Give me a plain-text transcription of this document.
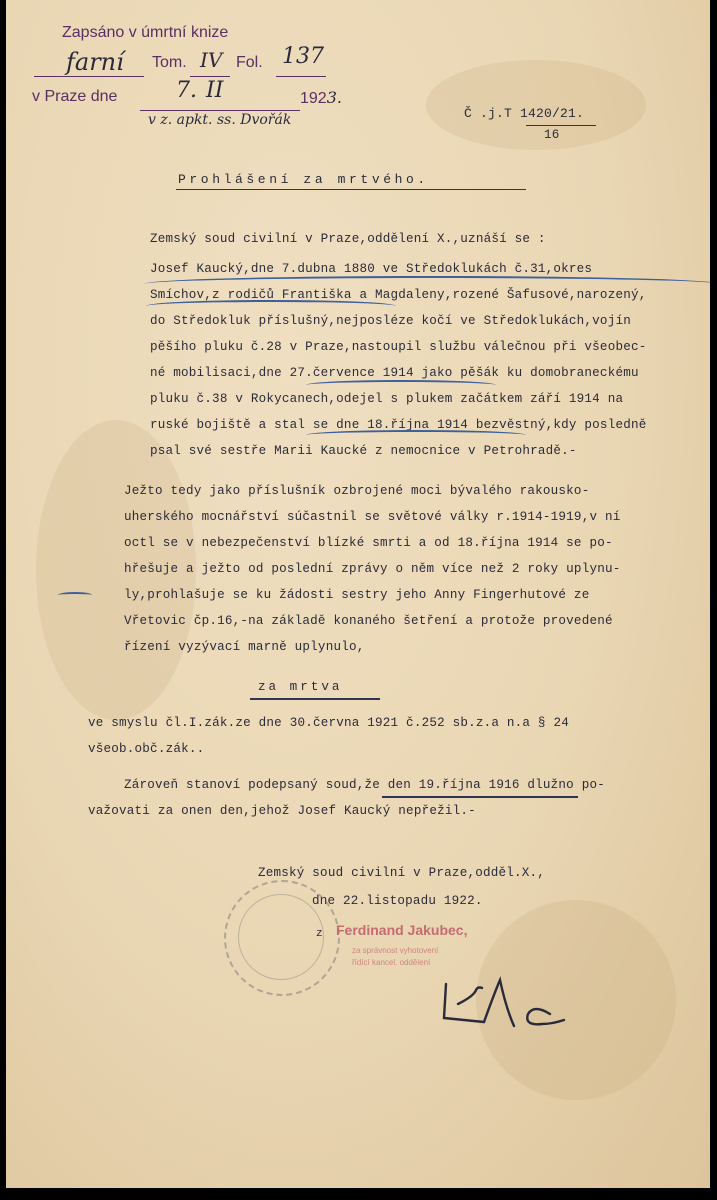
Zapsáno v úmrtní knize
farní Tom. IV Fol. 137
v Praze dne	7. II	1923.
v z. apkt. ss. Dvořák	Č .j.T 1420/21.
16
Prohlášení za mrtvého.
Zemský soud civilní v Praze,oddělení X.,uznáší se :
Josef Kaucký,dne 7.dubna 1880 ve Středoklukách č.31,okres
Smíchov,z rodičů Františka a Magdaleny,rozené Šafusové,narozený,
do Středokluk příslušný,nejposléze kočí ve Středoklukách,vojín
pěšího pluku č.28 v Praze,nastoupil službu válečnou při všeobec-
né mobilisaci,dne 27.července 1914 jako pěšák ku domobraneckému
pluku č.38 v Rokycanech,odejel s plukem začátkem září 1914 na
ruské bojiště a stal se dne 18.října 1914 bezvěstný,kdy posledně
psal své sestře Marii Kaucké z nemocnice v Petrohradě.-
Ježto tedy jako příslušník ozbrojené moci bývalého rakousko-
uherského mocnářství súčastnil se světové války r.1914-1919,v ní
octl se v nebezpečenství blízké smrti a od 18.října 1914 se po-
hřešuje a ježto od poslední zprávy o něm více než 2 roky uplynu-
ly,prohlašuje se ku žádosti sestry jeho Anny Fingerhutové ze
Vřetovic čp.16,-na základě konaného šetření a protože provedené
řízení vyzývací marně uplynulo,
za mrtva
ve smyslu čl.I.zák.ze dne 30.června 1921 č.252 sb.z.a n.a § 24
všeob.obč.zák..
Zároveň stanoví podepsaný soud,že den 19.října 1916 dlužno po-
važovati za onen den,jehož Josef Kaucký nepřežil.-
Zemský soud civilní v Praze,odděl.X.,
dne 22.listopadu 1922.
z Ferdinand Jakubec,
za správnost vyhotovení
řídící kancel. oddělení
